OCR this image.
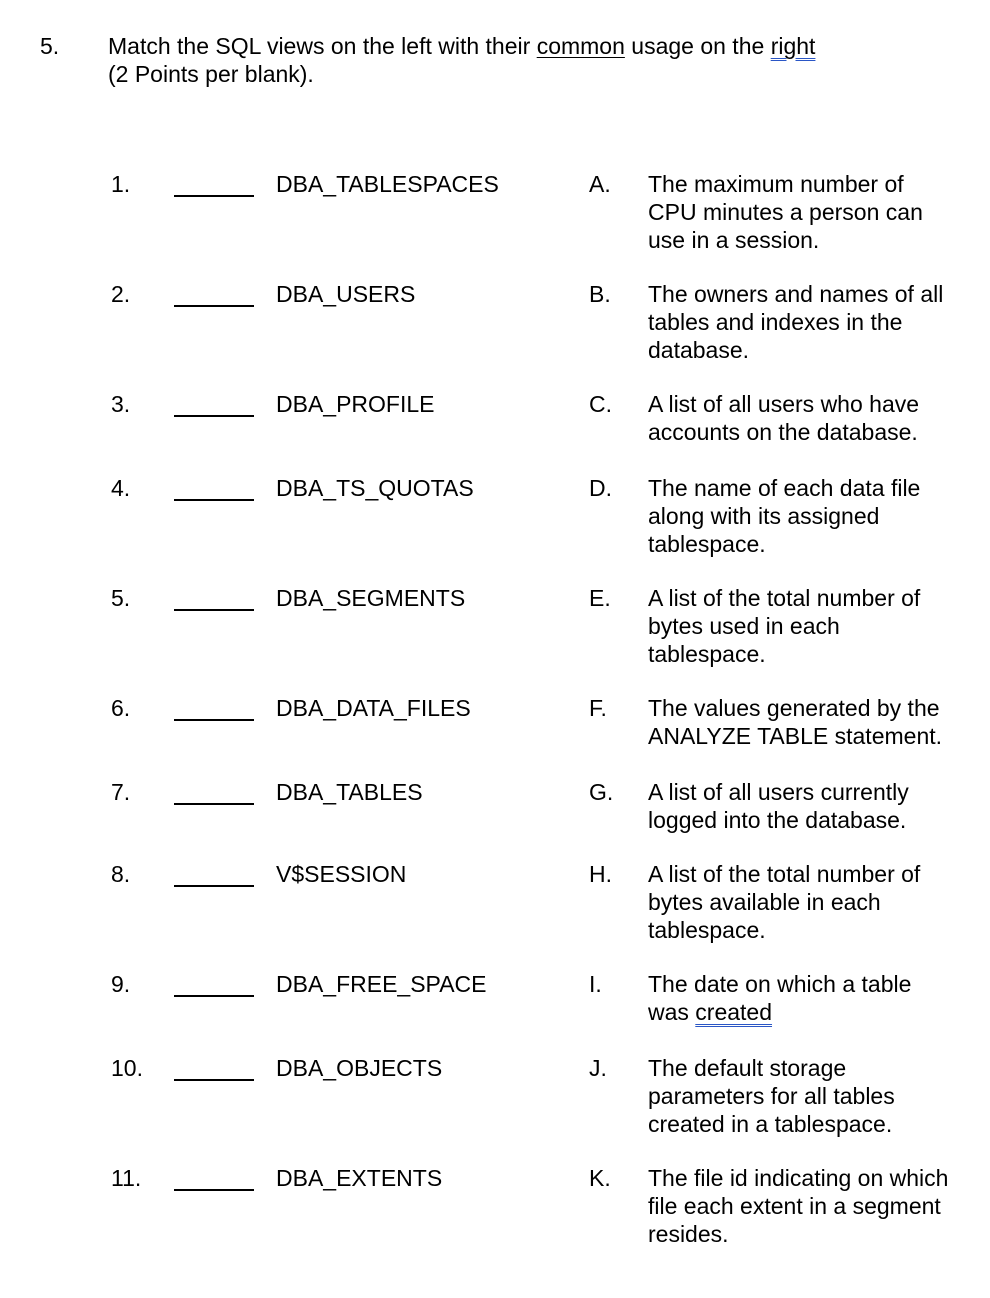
5. Match the SQL views on the left with their common usage on the right
(2 Points per blank).
1.	DBA_TABLESPACES	A. The maximum number of
CPU minutes a person can
use in a session.
2.	DBA_USERS	B. The owners and names of all
tables and indexes in the
database.
3.	DBA_PROFILE	C. A list of all users who have
accounts on the database.
4.	DBA_TS_QUOTAS	D. The name of each data file
along with its assigned
tablespace.
5.	DBA_SEGMENTS	E. A list of the total number of
bytes used in each
tablespace.
6.	DBA_DATA_FILES	F. The values generated by the
ANALYZE TABLE statement.
7.	DBA_TABLES	G. A list of all users currently
logged into the database.
8.	V$SESSION	H. A list of the total number of
bytes available in each
tablespace.
9.	DBA_FREE_SPACE	I. The date on which a table
was created
10.	DBA_OBJECTS	J. The default storage
parameters for all tables
created in a tablespace.
11.	DBA_EXTENTS	K. The file id indicating on which
file each extent in a segment
resides.
